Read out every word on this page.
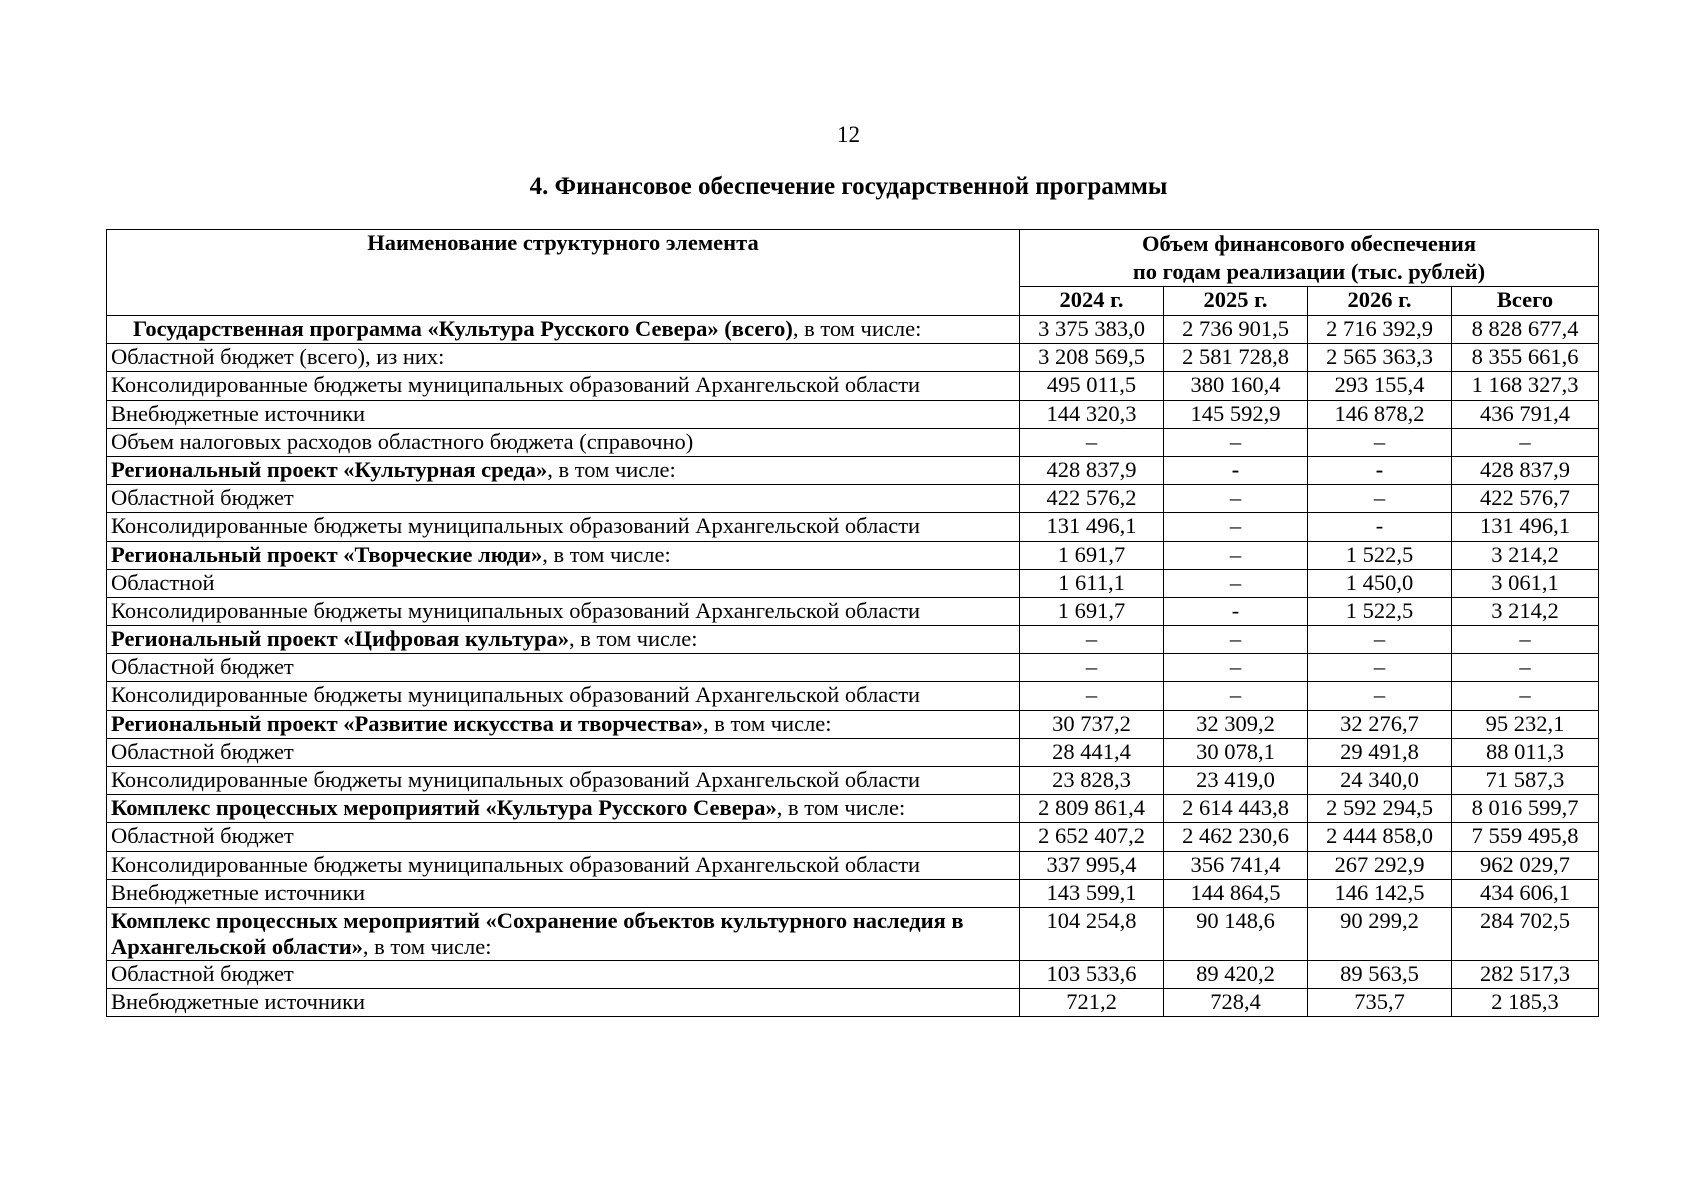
12
4. Финансовое обеспечение государственной программы
Наименование структурного элемента	Объем финансового обеспечения
по годам реализации (тыс. рублей)			

	2024 г.	2025 г.	2026 г.	Всего
Государственная программа «Культура Русского Севера» (всего), в том числе:	3 375 383,0	2 736 901,5	2 716 392,9	8 828 677,4
Областной бюджет (всего), из них:	3 208 569,5	2 581 728,8	2 565 363,3	8 355 661,6
Консолидированные бюджеты муниципальных образований Архангельской области	495 011,5	380 160,4	293 155,4	1 168 327,3
Внебюджетные источники	144 320,3	145 592,9	146 878,2	436 791,4
Объем налоговых расходов областного бюджета (справочно)	–	–	–	–
Региональный проект «Культурная среда», в том числе:	428 837,9	-	-	428 837,9
Областной бюджет	422 576,2	–	–	422 576,7
Консолидированные бюджеты муниципальных образований Архангельской области	131 496,1	–	-	131 496,1
Региональный проект «Творческие люди», в том числе:	1 691,7	–	1 522,5	3 214,2
Областной	1 611,1	–	1 450,0	3 061,1
Консолидированные бюджеты муниципальных образований Архангельской области	1 691,7	-	1 522,5	3 214,2
Региональный проект «Цифровая культура», в том числе:	–	–	–	–
Областной бюджет	–	–	–	–
Консолидированные бюджеты муниципальных образований Архангельской области	–	–	–	–
Региональный проект «Развитие искусства и творчества», в том числе:	30 737,2	32 309,2	32 276,7	95 232,1
Областной бюджет	28 441,4	30 078,1	29 491,8	88 011,3
Консолидированные бюджеты муниципальных образований Архангельской области	23 828,3	23 419,0	24 340,0	71 587,3
Комплекс процессных мероприятий «Культура Русского Севера», в том числе:	2 809 861,4	2 614 443,8	2 592 294,5	8 016 599,7
Областной бюджет	2 652 407,2	2 462 230,6	2 444 858,0	7 559 495,8
Консолидированные бюджеты муниципальных образований Архангельской области	337 995,4	356 741,4	267 292,9	962 029,7
Внебюджетные источники	143 599,1	144 864,5	146 142,5	434 606,1
Комплекс процессных мероприятий «Сохранение объектов культурного наследия в Архангельской области», в том числе:	104 254,8	90 148,6	90 299,2	284 702,5
Областной бюджет	103 533,6	89 420,2	89 563,5	282 517,3
Внебюджетные источники	721,2	728,4	735,7	2 185,3
